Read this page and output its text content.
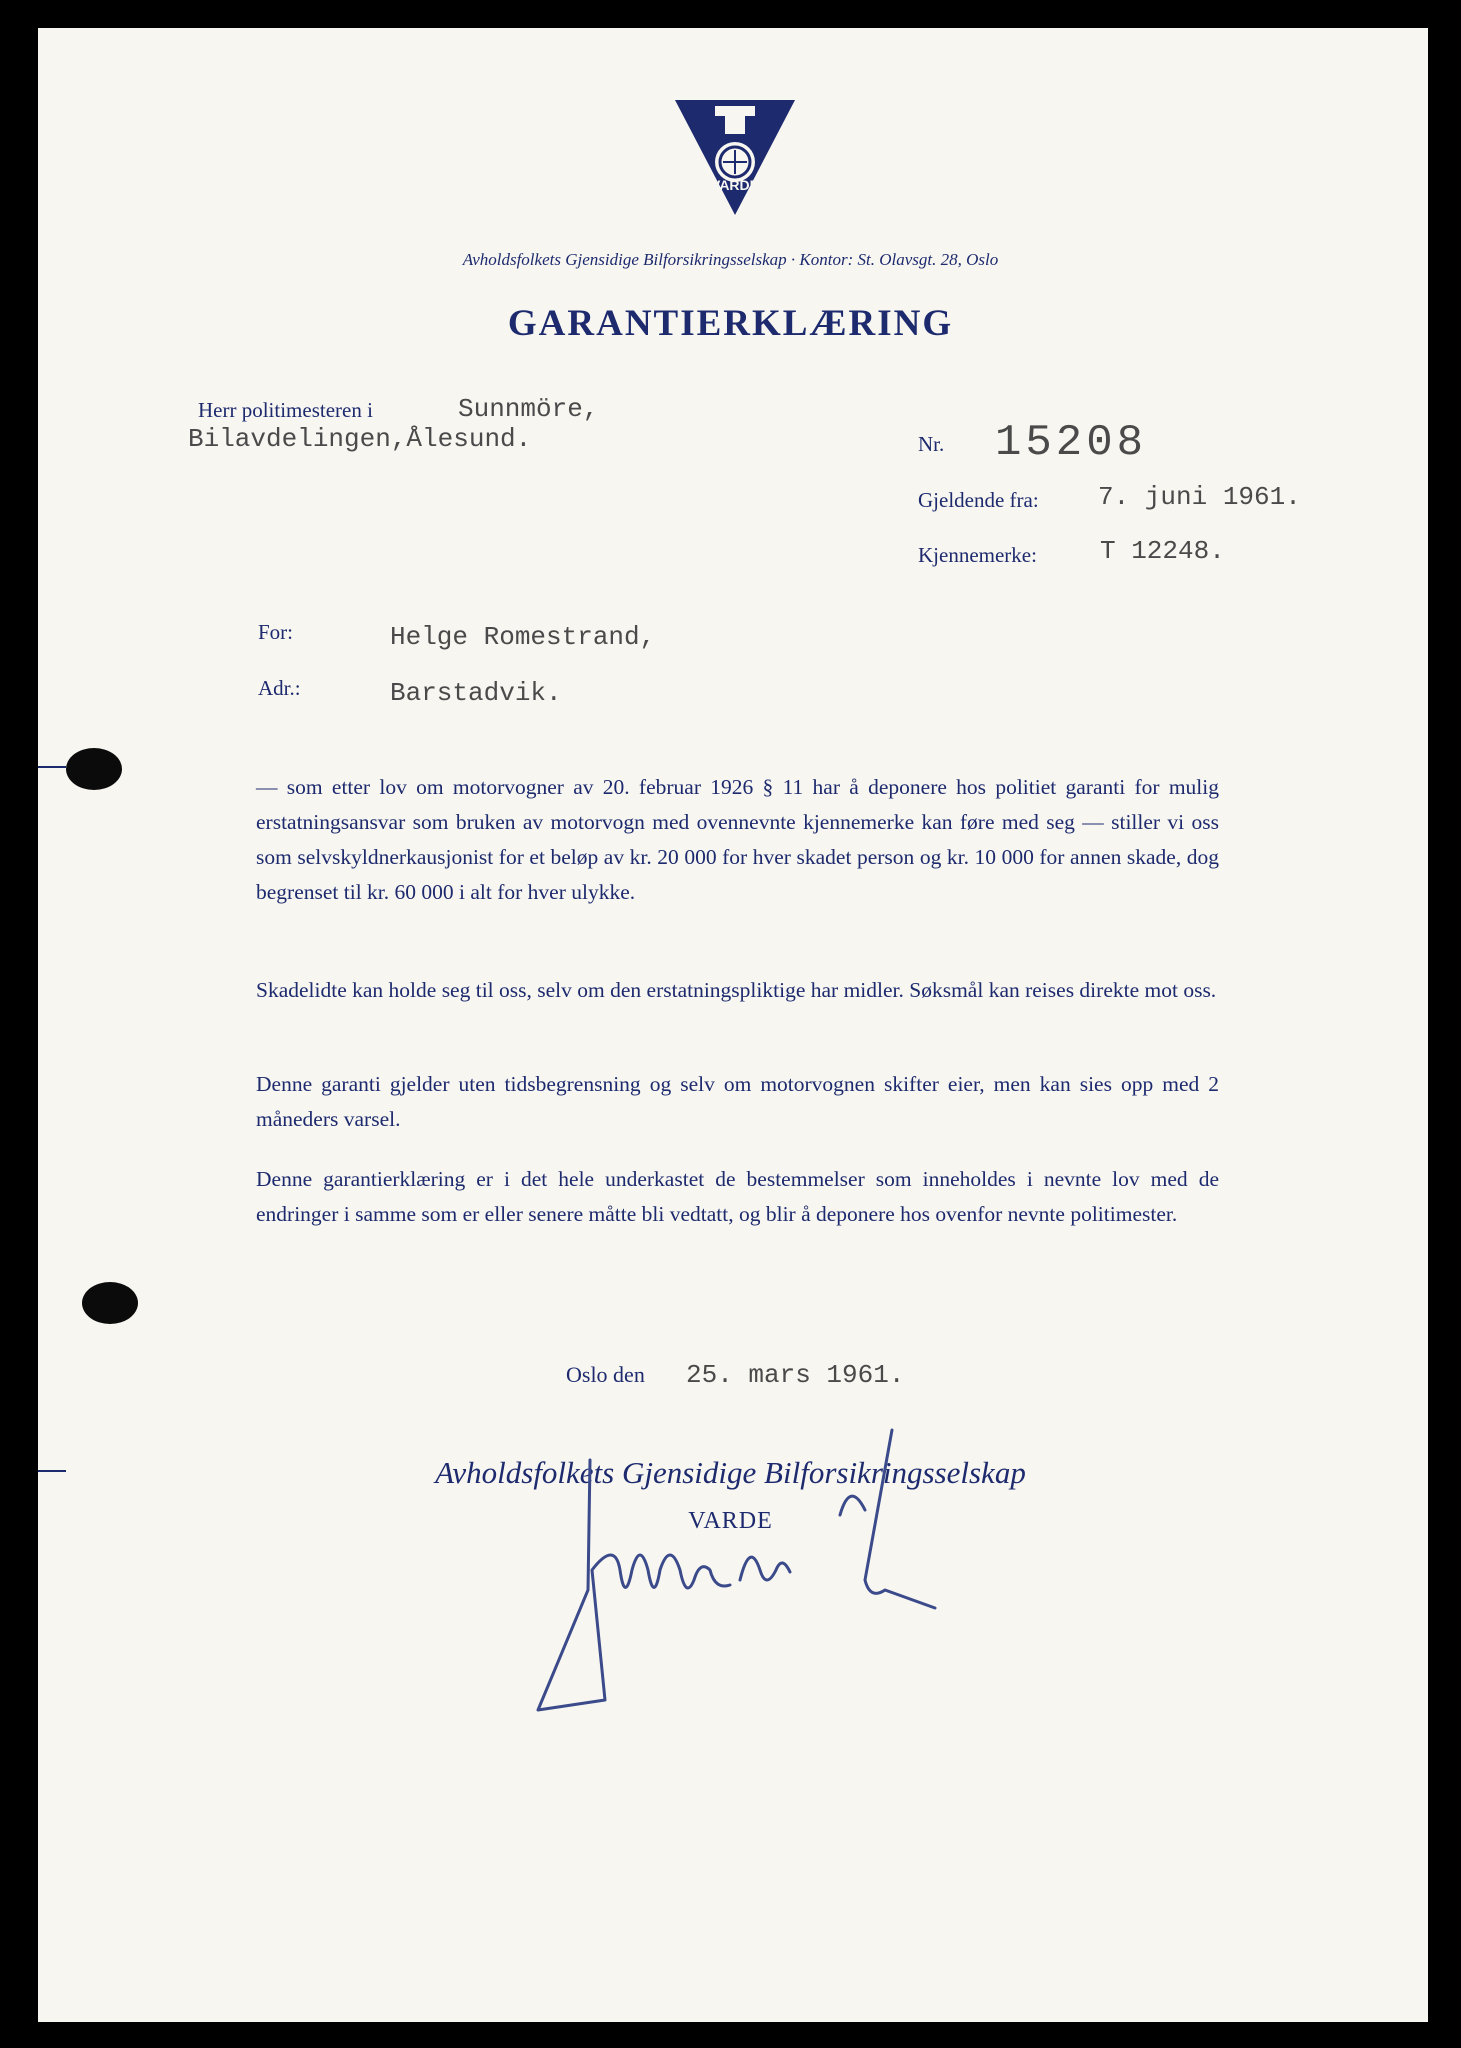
VARDE
Avholdsfolkets Gjensidige Bilforsikringsselskap · Kontor: St. Olavsgt. 28, Oslo
GARANTIERKLÆRING
Herr politimesteren i	Sunnmöre,
Bilavdelingen,Ålesund.	Nr. 15208
Gjeldende fra: 7. juni 1961.
Kjennemerke: T 12248.
For:	Helge Romestrand,
Adr.:	Barstadvik.

— som etter lov om motorvogner av 20. februar 1926 § 11 har å deponere hos politiet garanti for mulig erstatningsansvar som bruken av motorvogn med ovennevnte kjennemerke kan føre med seg — stiller vi oss som selvskyldnerkausjonist for et beløp av kr. 20 000 for hver skadet person og kr. 10 000 for annen skade, dog begrenset til kr. 60 000 i alt for hver ulykke.

Skadelidte kan holde seg til oss, selv om den erstatningspliktige har midler. Søksmål kan reises direkte mot oss.

Denne garanti gjelder uten tidsbegrensning og selv om motorvognen skifter eier, men kan sies opp med 2 måneders varsel.

Denne garantierklæring er i det hele underkastet de bestemmelser som inneholdes i nevnte lov med de endringer i samme som er eller senere måtte bli vedtatt, og blir å deponere hos ovenfor nevnte politimester.

Oslo den 25. mars 1961.
Avholdsfolkets Gjensidige Bilforsikringsselskap
VARDE
